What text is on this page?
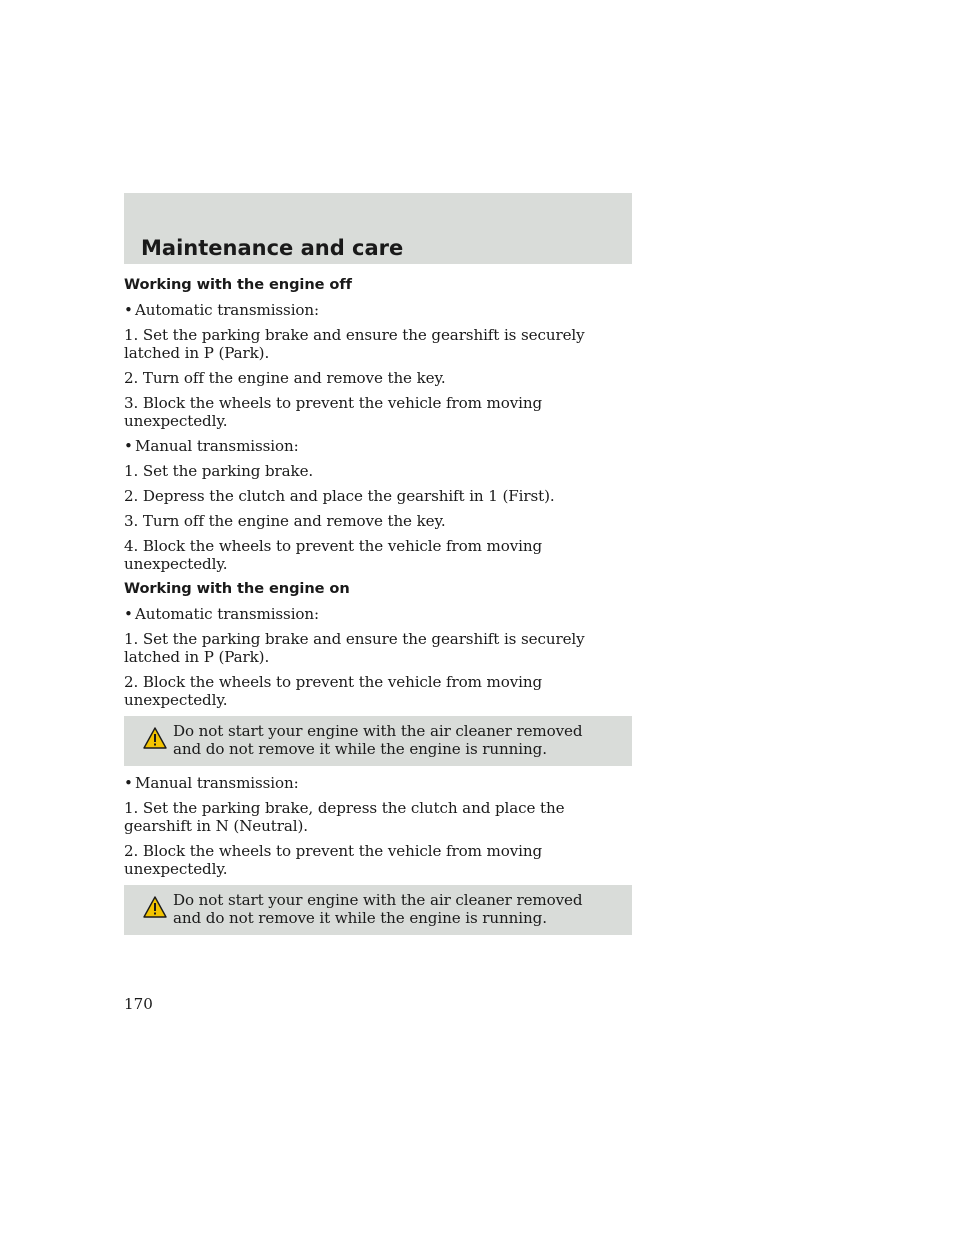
Maintenance and care

Working with the engine off

• Automatic transmission:

1. Set the parking brake and ensure the gearshift is securely latched in P (Park).

2. Turn off the engine and remove the key.

3. Block the wheels to prevent the vehicle from moving unexpectedly.

• Manual transmission:

1. Set the parking brake.

2. Depress the clutch and place the gearshift in 1 (First).

3. Turn off the engine and remove the key.

4. Block the wheels to prevent the vehicle from moving unexpectedly.

Working with the engine on

• Automatic transmission:

1. Set the parking brake and ensure the gearshift is securely latched in P (Park).

2. Block the wheels to prevent the vehicle from moving unexpectedly.

Do not start your engine with the air cleaner removed and do not remove it while the engine is running.

• Manual transmission:

1. Set the parking brake, depress the clutch and place the gearshift in N (Neutral).

2. Block the wheels to prevent the vehicle from moving unexpectedly.

Do not start your engine with the air cleaner removed and do not remove it while the engine is running.

170
